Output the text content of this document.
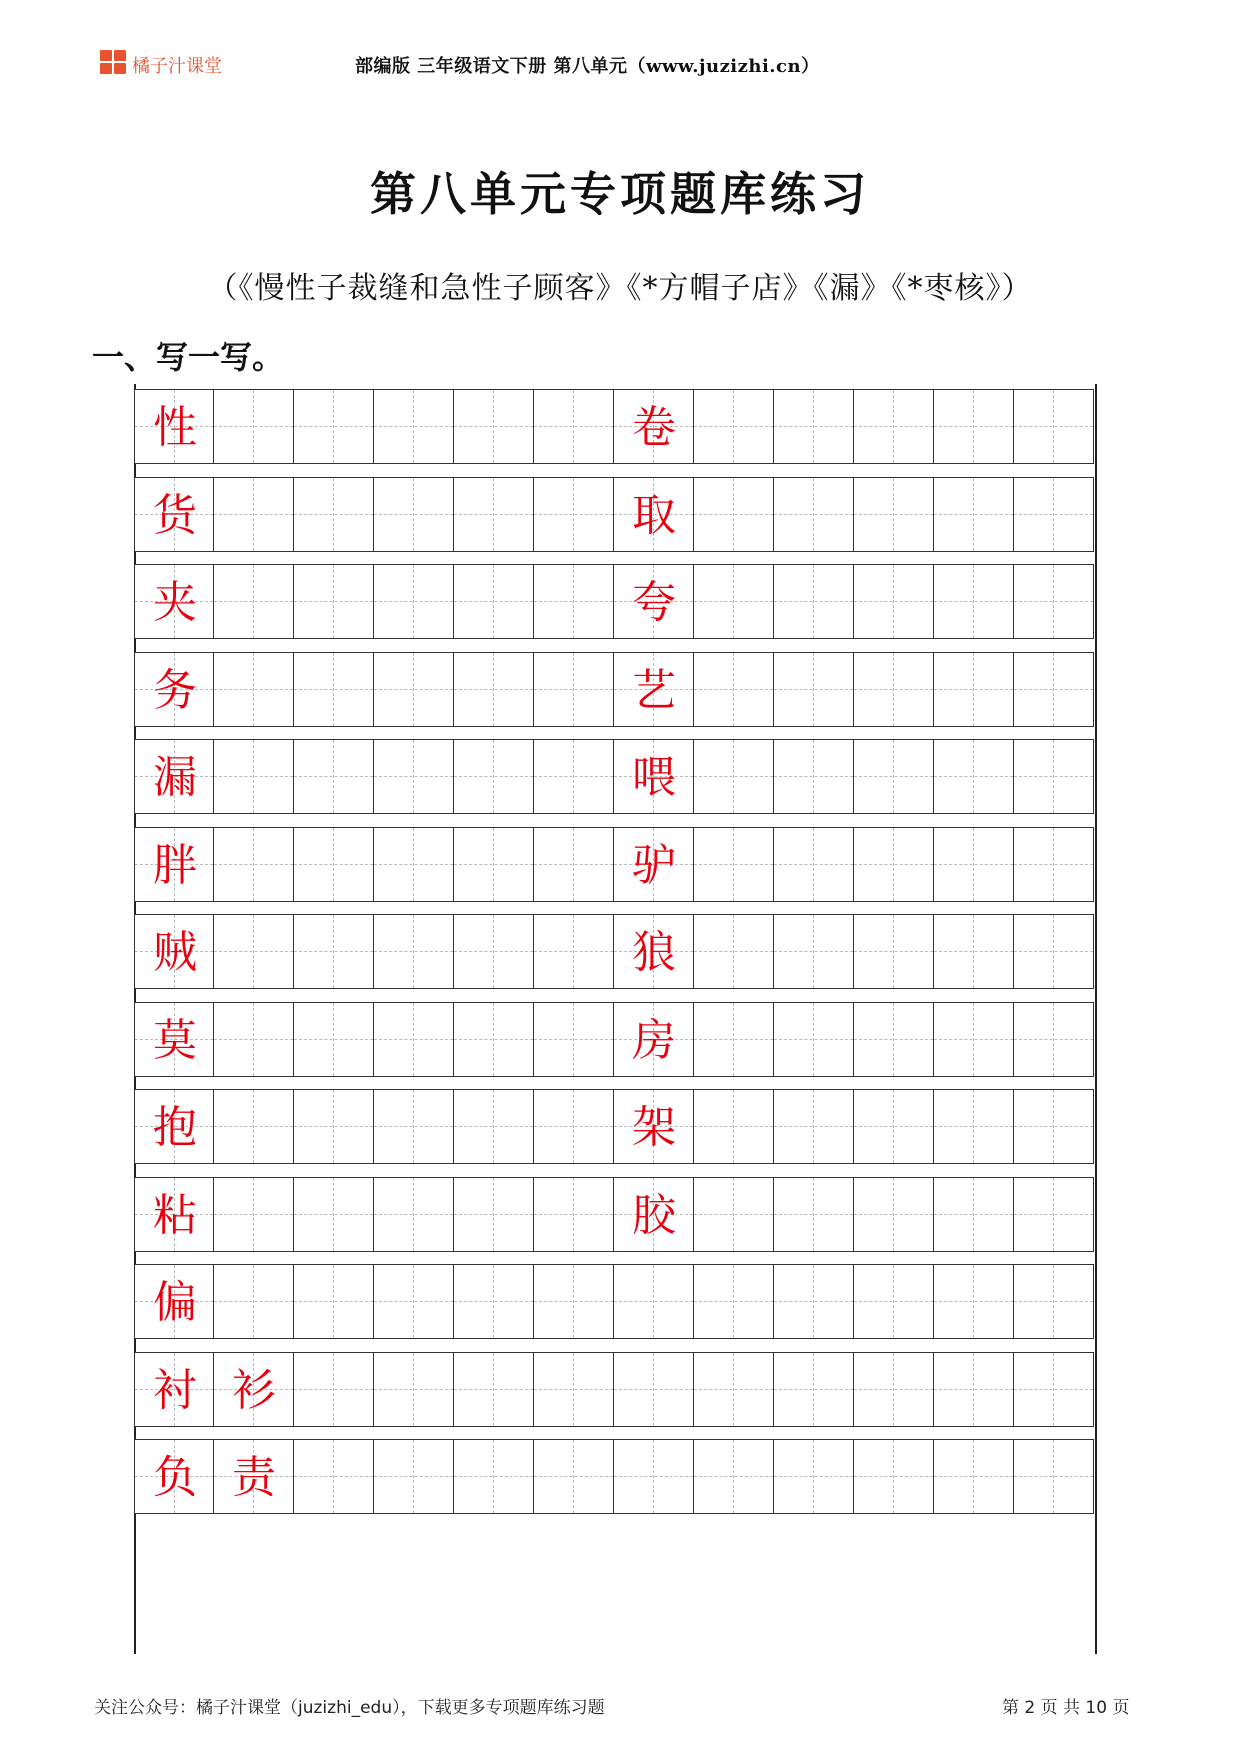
橘子汁课堂	部编版 三年级语文下册 第八单元（www.juzizhi.cn）
第八单元专项题库练习
（《慢性子裁缝和急性子顾客》《*方帽子店》《漏》《*枣核》）
一、写一写。
性	卷
货	取
夹	夸
务	艺
漏	喂
胖	驴
贼	狼
莫	房
抱	架
粘	胶
偏
衬 衫
负 责
关注公众号：橘子汁课堂（juzizhi_edu），下载更多专项题库练习题	第 2 页 共 10 页
